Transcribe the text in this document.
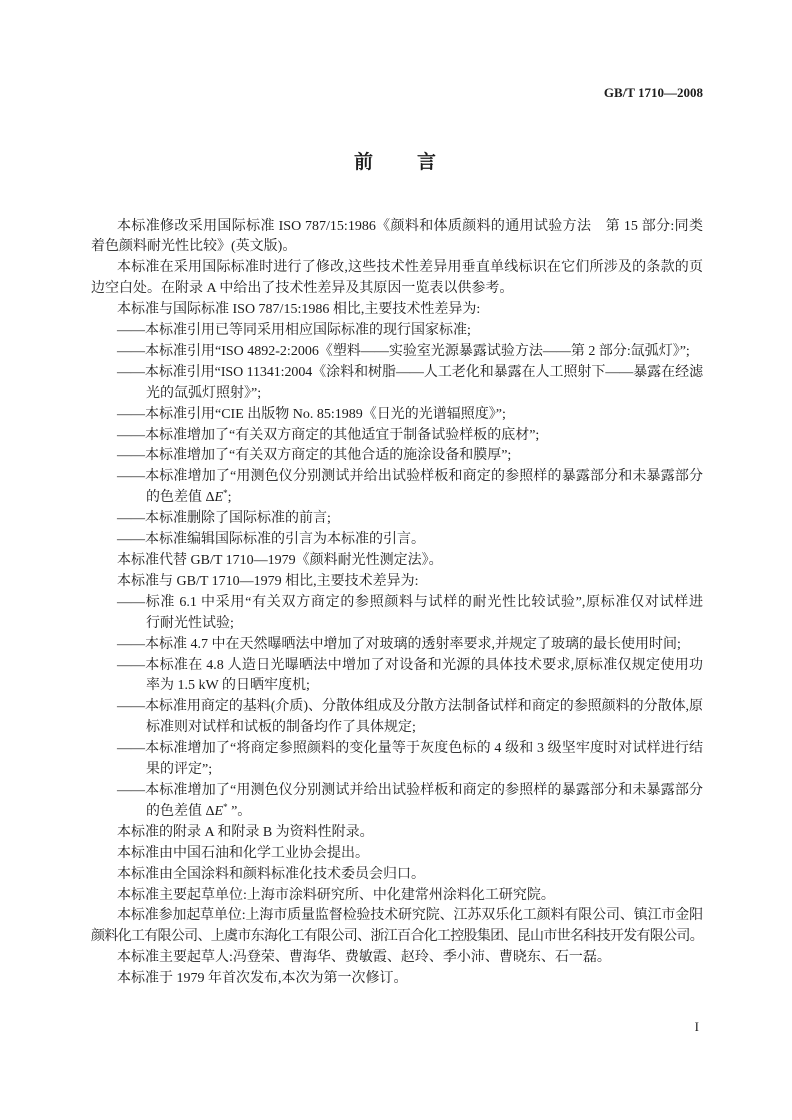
GB/T 1710—2008
前　　言
本标准修改采用国际标准 ISO 787/15:1986《颜料和体质颜料的通用试验方法　第 15 部分:同类
着色颜料耐光性比较》(英文版)。
本标准在采用国际标准时进行了修改,这些技术性差异用垂直单线标识在它们所涉及的条款的页
边空白处。在附录 A 中给出了技术性差异及其原因一览表以供参考。
本标准与国际标准 ISO 787/15:1986 相比,主要技术性差异为:
——本标准引用已等同采用相应国际标准的现行国家标准;
——本标准引用“ISO 4892-2:2006《塑料——实验室光源暴露试验方法——第 2 部分:氙弧灯》”;
——本标准引用“ISO 11341:2004《涂料和树脂——人工老化和暴露在人工照射下——暴露在经滤
光的氙弧灯照射》”;
——本标准引用“CIE 出版物 No. 85:1989《日光的光谱辐照度》”;
——本标准增加了“有关双方商定的其他适宜于制备试验样板的底材”;
——本标准增加了“有关双方商定的其他合适的施涂设备和膜厚”;
——本标准增加了“用测色仪分别测试并给出试验样板和商定的参照样的暴露部分和未暴露部分
的色差值 ΔE*;
——本标准删除了国际标准的前言;
——本标准编辑国际标准的引言为本标准的引言。
本标准代替 GB/T 1710—1979《颜料耐光性测定法》。
本标准与 GB/T 1710—1979 相比,主要技术差异为:
——标准 6.1 中采用“有关双方商定的参照颜料与试样的耐光性比较试验”,原标准仅对试样进
行耐光性试验;
——本标准 4.7 中在天然曝晒法中增加了对玻璃的透射率要求,并规定了玻璃的最长使用时间;
——本标准在 4.8 人造日光曝晒法中增加了对设备和光源的具体技术要求,原标准仅规定使用功
率为 1.5 kW 的日晒牢度机;
——本标准用商定的基料(介质)、分散体组成及分散方法制备试样和商定的参照颜料的分散体,原
标准则对试样和试板的制备均作了具体规定;
——本标准增加了“将商定参照颜料的变化量等于灰度色标的 4 级和 3 级坚牢度时对试样进行结
果的评定”;
——本标准增加了“用测色仪分别测试并给出试验样板和商定的参照样的暴露部分和未暴露部分
的色差值 ΔE* ”。
本标准的附录 A 和附录 B 为资料性附录。
本标准由中国石油和化学工业协会提出。
本标准由全国涂料和颜料标准化技术委员会归口。
本标准主要起草单位:上海市涂料研究所、中化建常州涂料化工研究院。
本标准参加起草单位:上海市质量监督检验技术研究院、江苏双乐化工颜料有限公司、镇江市金阳
颜料化工有限公司、上虞市东海化工有限公司、浙江百合化工控股集团、昆山市世名科技开发有限公司。
本标准主要起草人:冯登荣、曹海华、费敏霞、赵玲、季小沛、曹晓东、石一磊。
本标准于 1979 年首次发布,本次为第一次修订。
I
